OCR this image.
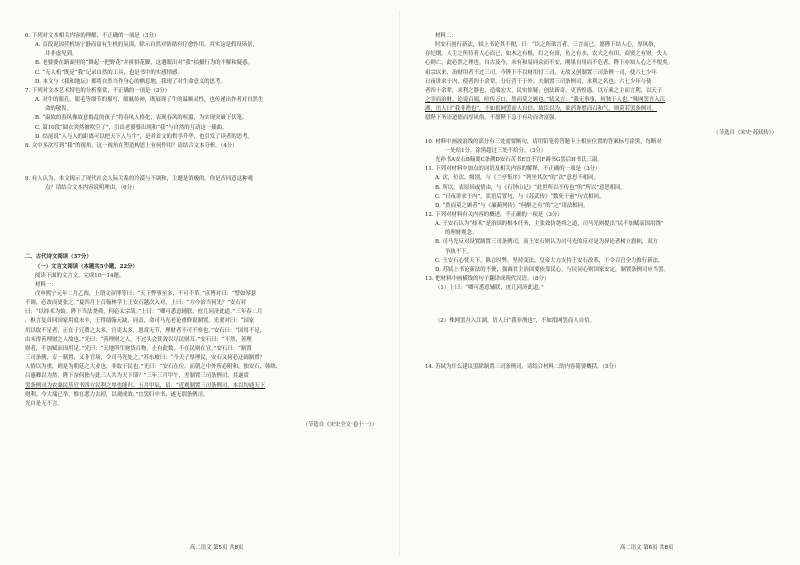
6. 下列对文本相关内容的理解，不正确的一项是（3分）
A. 首段说国营机场宁静而富有生机的氛围，除示自然对情绪有疗愈作用。其实这是假设场景，
并非虚见到。
B. 老婆婆在路面里的“舞起一把野花”并拼拼花脚，这遇眼出对“我”拍摄行为的不解和疑惑。
C. “无人机”既是“我”记录自然的工具，也是书中的实感情感。
D. 本文与《我和地坛》都将自然当作身心的栖息地，我现了对生命意义的思考。
7. 下列对文本艺术特色的分析鉴赏，不正确的一项是（3分）
A. 对牛的眼孔、眼毛等细节的描写，细腻传神，既展现了牛的温顺灵性，也传递出作者对自然生
命的敬畏。
B. “温软的春风像故意捣乱的孩子”将春风人格化，表现春风的喧嚣，为实现突破下伏笔。
C. 第10段“圆衣突然被吹空了”，引出老婆婆出现和“我”与自然的互动这一插曲。
D. 结尾说“人与人的距离可以把天下人与牛”，是对首文的哲学升华，也引发了读者的思考。
8. 文中多次写到“我”的视角，这一视角在塑造构思上有何作用？请结合文本分析。（4分）
9. 有人认为，本文揭示了现代社会人际关系的冷漠与不调和，主题是消极的。你是否同意这种观
点？请结合文本内容说明理由。（6分）
二、古代诗文阅读（37分）
（一）文言文阅读（本题共5小题，22分）
阅读下面的文言文，完成10～14题。
材料一：
戊申熙宁元年二月乙酉，上谓文彦博等曰：“天下弊事至多，不可不革。”彦博对曰：“譬如琴瑟
不调，必改而更张之。”夏四月上召翰林学士王安石越次入对，上曰：“方今治当何先？”安石对
曰：“以择术为始。陛下当法尧舜，何必太宗哉。”上曰：“卿可悉意辅朕，庶几同济此道。”三年春二月
，枢言复首回国家用度未丰，王得绩翰元缺，同责，命司马光老论重修说制置。光要对曰：“国家
用以取不足者，正在于冗费之太多，官吏太多，恩赏无节，理财者不可不察也。”安石曰：“国用不足，
由未得善理财之人故也。”光曰：“善理财之人，不过头会箕敛以尽民财耳。”安石曰：“不然，善理
财者，不加赋而国用足。”光曰：“天地所生财货百物，止有此数，不在民则在官。”安石曰：“制置
三司条例，专一制置，又非官场，令司马光处之。”苏东坡曰：“今天子厚理民，安石又何必迂阔制置？
人情以为重，则是为朝廷之大业也，非取于民也。”光曰：“安石在位，而朝之中外所必附和，独安石、韩绛、
吕惠卿以为然，陛下奈何独与此三人共为天下耶？”三年三月甲午，差制置三司条例司，其遂赏
罢条例司为农桑民乐官书四方民利之厚也能归。五月甲辰，诏：“近观制置三司条例司，本以均通天下
财利。今大端已举，惟在悉力去掉，以观成效。”宜罢归中书，遂无别条例司。
光自是无不言。
（节选自《宋史全文·卷十一》）
材料二：
时安石创行新法，轼上书论其不便，曰：“臣之所欲言者，三言而已。愿陛下结人心，厚风俗，
存纪纲。人主之所恃者人心而已，如木之有根，灯之有膏，鱼之有水，农夫之有田，商贾之有财。失人
心则亡，此必然之理也。自古及今，未有和易同众而不安，刚果自用而不危者。陛下亦知人心之不悦矣。
祖宗以来，治财用者不过三司。今陛下不以财用付三司，无故又创制置三司条例一司，使六七少年
日夜讲求于内，使者四十余辈，分行营干于外。夫制置三司条例司，求利之名也；六七少年与使
者四十余辈，求利之器也。造端宏大，民实惊疑；创法新奇，吏皆惶惑。以万乘之主而言利，以天子
之宰而治财，论说百端，喧传万口，然而莫之顾也。”轼又言：“我无事事，何独于人也。”殊网罢吾入江
湖，语人曰“我非渔也”，不如捐网罢而人自信。故臣以为，欲消谗慝而召和气，则莫若罢条例司。
愿陛下务崇道德而厚风俗，不愿陛下急于有功而贪富强。
（节选自《宋史·苏轼传》）
10. 材料中画波浪线的部分有三处需要断句，请用铅笔将答题卡上相应位置的答案标号涂黑，每断对
一处给1分，涂黑超过三处不给分。（3分）
光孙书A安石B翰要C条例D安石苦书E宜不官F调书G罢后H书氏三温。
11. 下列对材料中加点的词语及相关内容的解释，不正确的一项是（3分）
A. 次，位次、级别，与《兰亭集序》“列坐其次”的“次”意思不相同。
B. 所以，表原因或情由，与《石钟山记》“此世所以不传也”的“所以”意思相同。
C. “日夜讲求于内”，状语后置句，与《苏武传》“数死于前”句式相同。
D. “然而莫之顾者”与《廉蔺列传》“何醉之有”的“之”用法相同。
12. 下列对材料有关内容的概述，不正确的一项是（3分）
A. 王安石认为“择术”是治国的根本任务，主张效仿尧舜之道，司马光则提出“民不加赋而国用饶”
的理财观念。
B. 司马光反对设置制置三司条例司，而王安石则认为司马光的反对是为异论者树立旗帜，双方
争执不下。
C. 王安石心忧天下，陈言时弊，坚持变法，皇帝大力支持王安石改革，下令百官全力推行新法。
D. 苏轼上书论新法的不便，强调君主治国要依靠民心，与民同心则国家安定，制置条例司应当罢。
13. 把材料中画横线的句子翻译成现代汉语。（8分）
（1）上曰：“卿可悉意辅朕，庶几同济此道。”
（2）殊网罢吾入江湖，语人曰“我非渔也”，不如捐网罢而人自信。
14. 苏轼为什么建议罢除制置三司条例司，请结合材料二的内容简要概括。（5分）
高二语文 第5页 共8页	高二语文 第6页 共8页
